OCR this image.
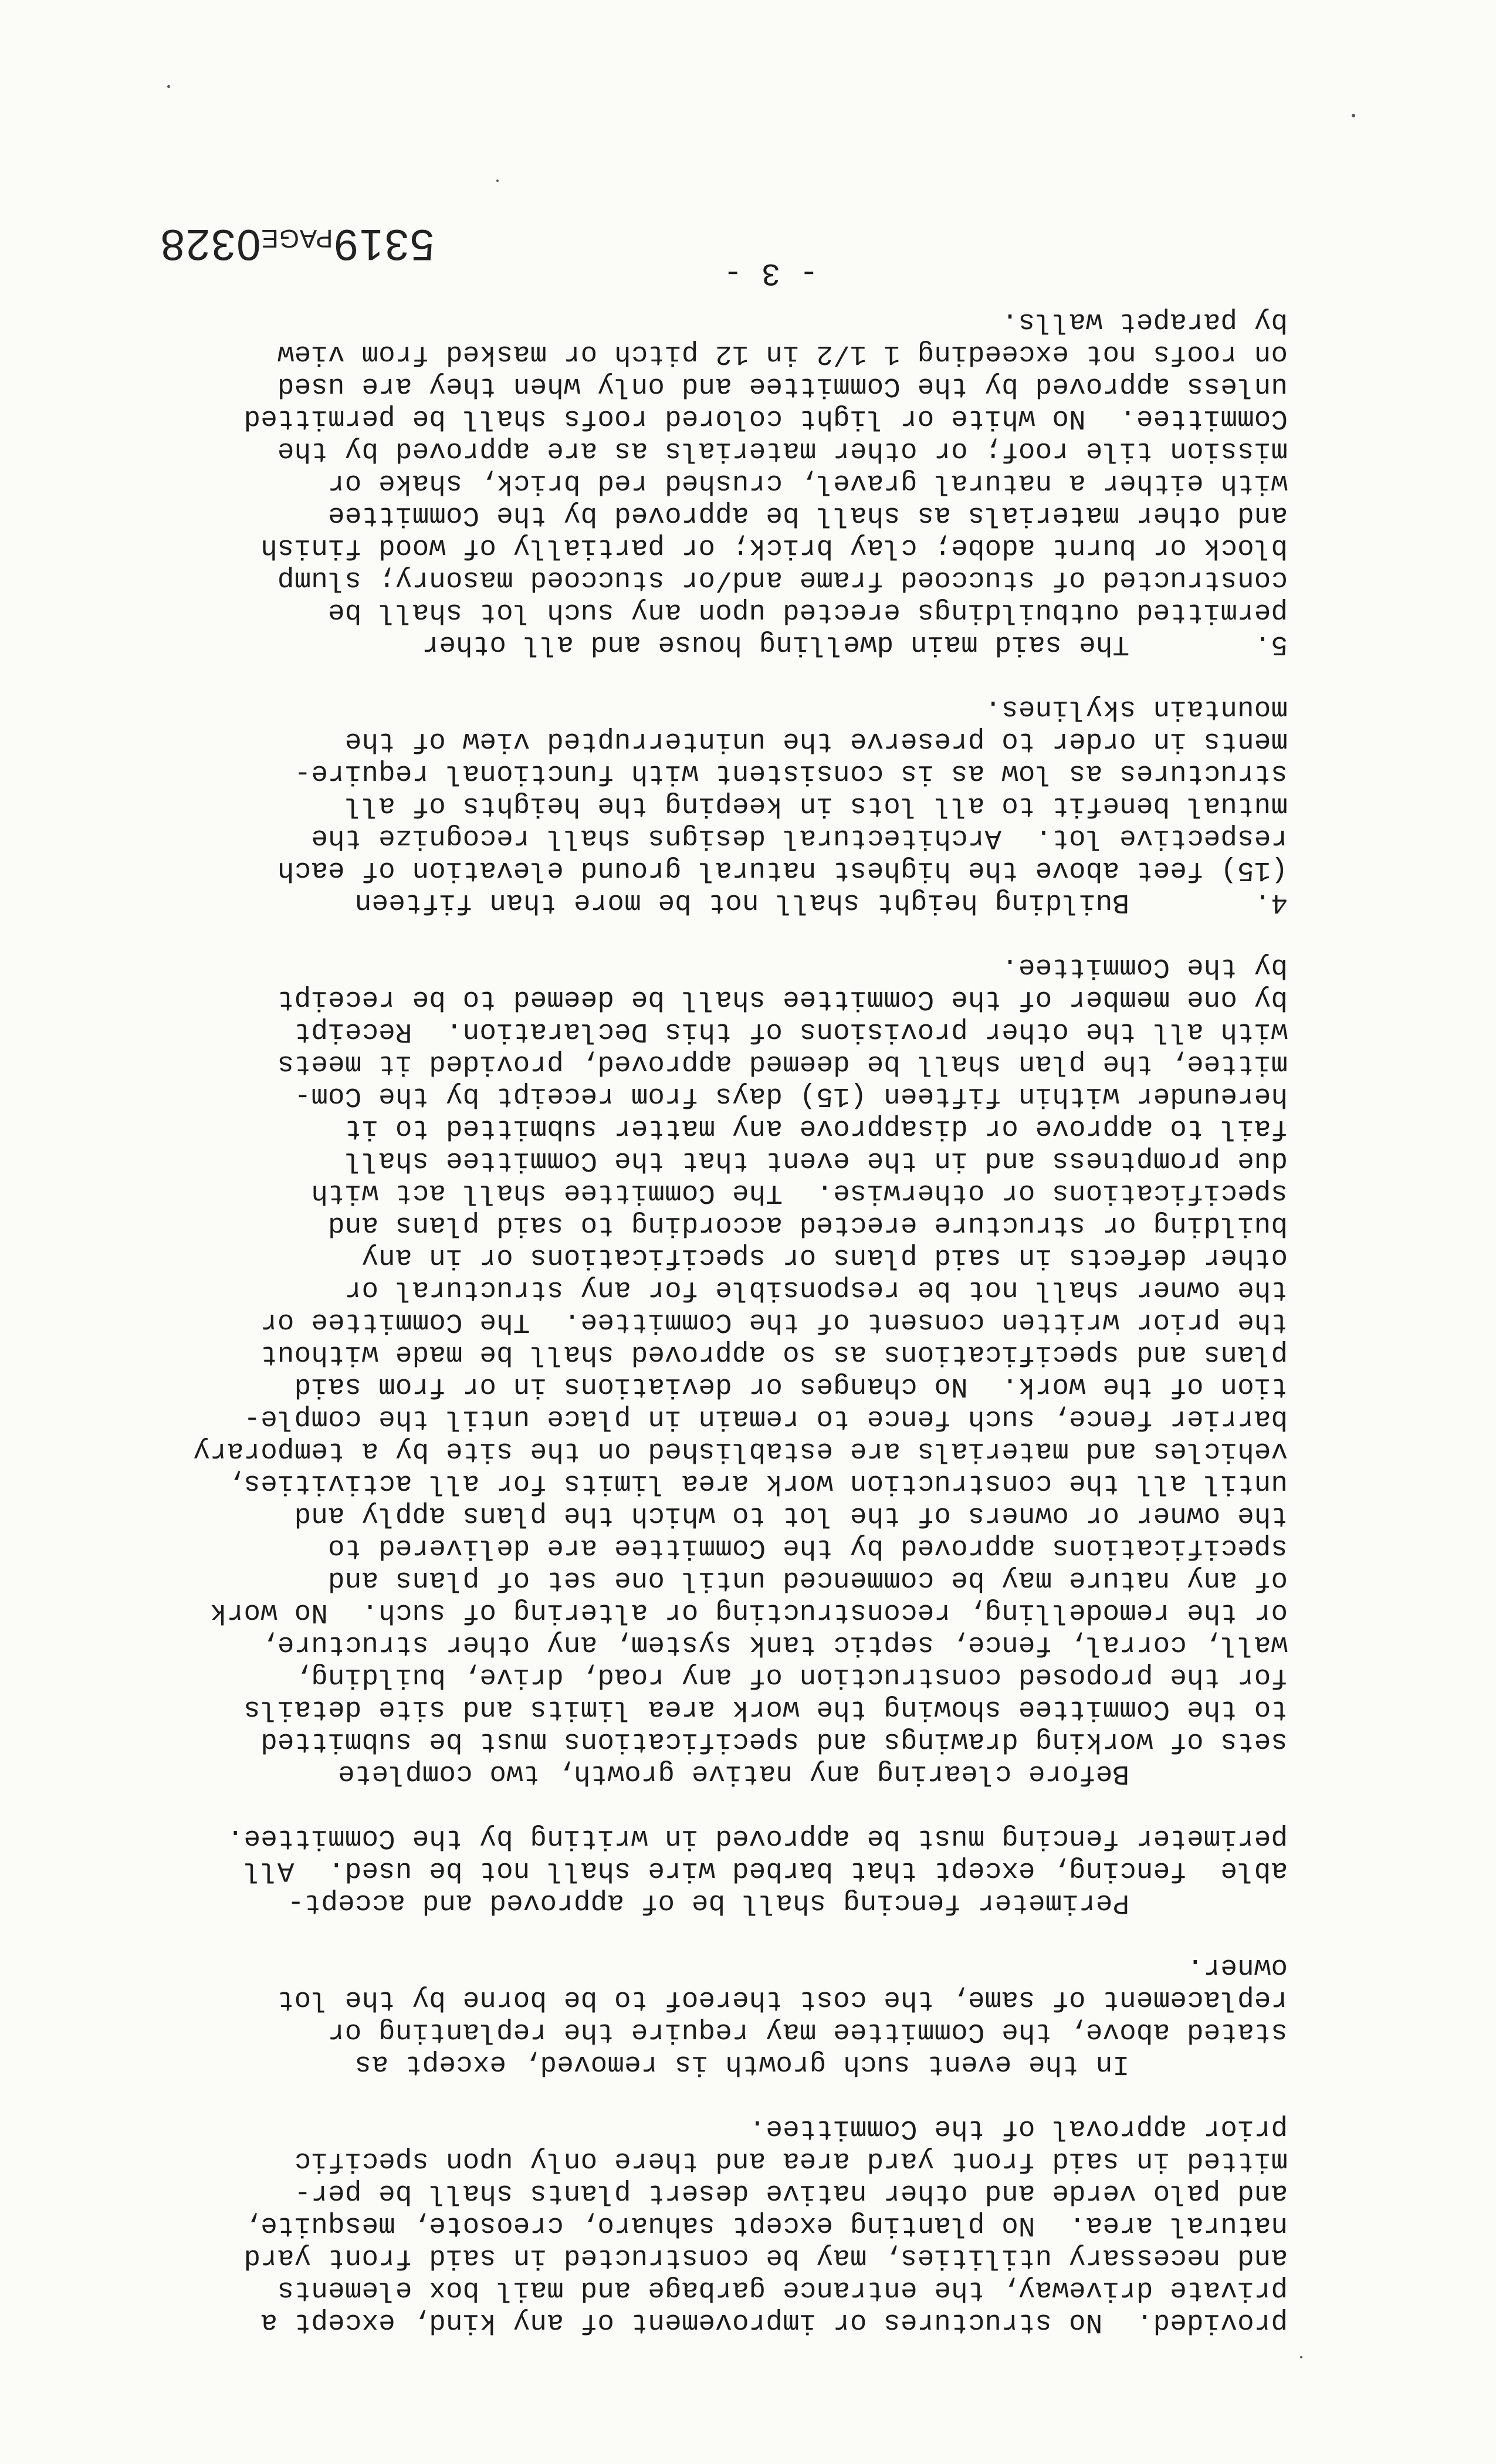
provided.  No structures or improvement of any kind, except a
private driveway, the entrance garbage and mail box elements
and necessary utilities, may be constructed in said front yard
natural area.  No planting except sahuaro, creosote, mesquite,
and palo verde and other native desert plants shall be per-
mitted in said front yard area and there only upon specific
prior approval of the Committee.
In the event such growth is removed, except as
stated above, the Committee may require the replanting or
replacement of same, the cost thereof to be borne by the lot
owner.
Perimeter fencing shall be of approved and accept-
able  fencing, except that barbed wire shall not be used.  All
perimeter fencing must be approved in writing by the Committee.
Before clearing any native growth, two complete
sets of working drawings and specifications must be submitted
to the Committee showing the work area limits and site details
for the proposed construction of any road, drive, building,
wall, corral, fence, septic tank system, any other structure,
or the remodelling, reconstructing or altering of such.  No work
of any nature may be commenced until one set of plans and
specifications approved by the Committee are delivered to
the owner or owners of the lot to which the plans apply and
until all the construction work area limits for all activities,
vehicles and materials are established on the site by a temporary
barrier fence, such fence to remain in place until the comple-
tion of the work.  No changes or deviations in or from said
plans and specifications as so approved shall be made without
the prior written consent of the Committee.  The Committee or
the owner shall not be responsible for any structural or
other defects in said plans or specifications or in any
building or structure erected according to said plans and
specifications or otherwise.  The Committee shall act with
due promptness and in the event that the Committee shall
fail to approve or disapprove any matter submitted to it
hereunder within fifteen (15) days from receipt by the Com-
mittee, the plan shall be deemed approved, provided it meets
with all the other provisions of this Declaration.  Receipt
by one member of the Committee shall be deemed to be receipt
by the Committee.
4.Building height shall not be more than fifteen
(15) feet above the highest natural ground elevation of each
respective lot.  Architectural designs shall recognize the
mutual benefit to all lots in keeping the heights of all
structures as low as is consistent with functional require-
ments in order to preserve the uninterrupted view of the
mountain skylines.
5.The said main dwelling house and all other
permitted outbuildings erected upon any such lot shall be
constructed of stuccoed frame and/or stuccoed masonry; slump
block or burnt adobe; clay brick; or partially of wood finish
and other materials as shall be approved by the Committee
with either a natural gravel, crushed red brick, shake or
mission tile roof; or other materials as are approved by the
Committee.  No white or light colored roofs shall be permitted
unless approved by the Committee and only when they are used
on roofs not exceeding 1 1/2 in 12 pitch or masked from view
by parapet walls.
- 3 -
5319PAGE0328
